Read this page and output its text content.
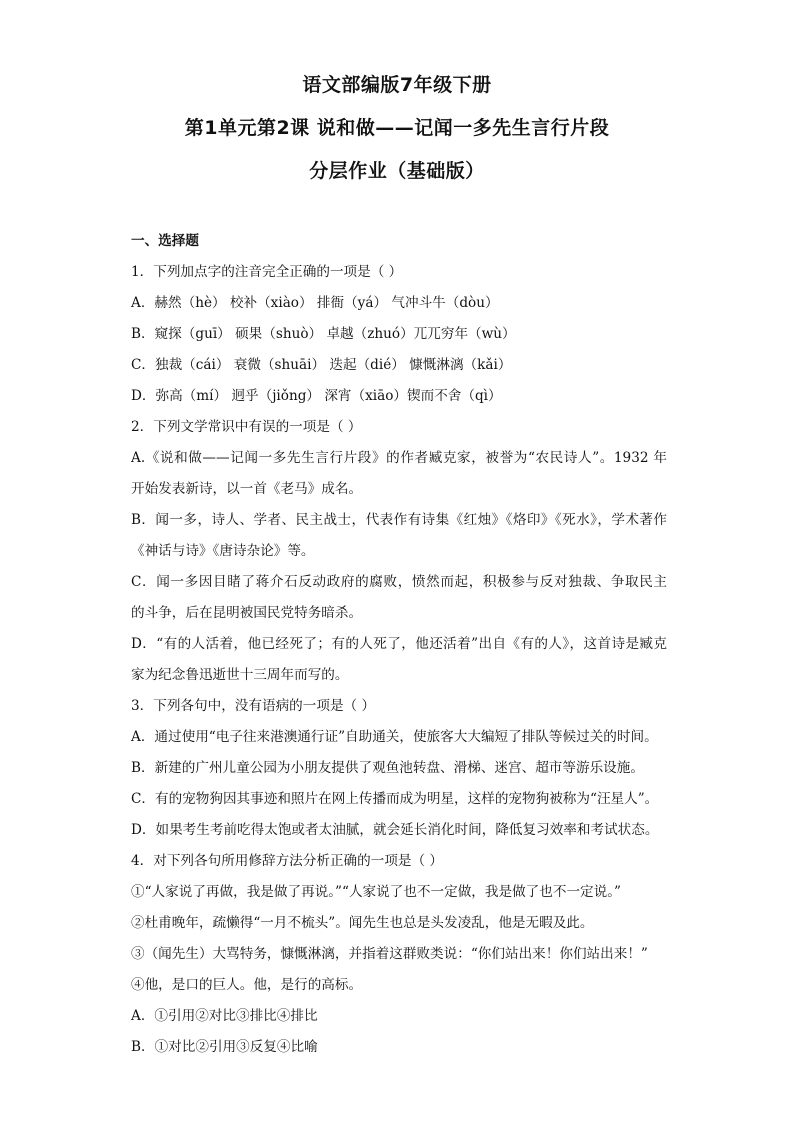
语文部编版7年级下册
第1单元第2课 说和做——记闻一多先生言行片段
分层作业（基础版）
一、选择题
1．下列加点字的注音完全正确的一项是（ ）
A．赫然（hè） 校补（xiào） 排衙（yá） 气冲斗牛（dòu）
B．窥探（guī） 硕果（shuò） 卓越（zhuó）兀兀穷年（wù）
C．独裁（cái） 衰微（shuāi） 迭起（dié） 慷慨淋漓（kǎi）
D．弥高（mí） 迥乎（jiǒng） 深宵（xiāo）锲而不舍（qì）
2．下列文学常识中有误的一项是（ ）
A.《说和做——记闻一多先生言行片段》的作者臧克家，被誉为“农民诗人”。1932 年
开始发表新诗，以一首《老马》成名。
B．闻一多，诗人、学者、民主战士，代表作有诗集《红烛》《烙印》《死水》，学术著作
《神话与诗》《唐诗杂论》等。
C．闻一多因目睹了蒋介石反动政府的腐败，愤然而起，积极参与反对独裁、争取民主
的斗争，后在昆明被国民党特务暗杀。
D．“有的人活着，他已经死了；有的人死了，他还活着”出自《有的人》，这首诗是臧克
家为纪念鲁迅逝世十三周年而写的。
3．下列各句中，没有语病的一项是（ ）
A．通过使用“电子往来港澳通行证”自助通关，使旅客大大编短了排队等候过关的时间。
B．新建的广州儿童公园为小朋友提供了观鱼池转盘、滑梯、迷宫、超市等游乐设施。
C．有的宠物狗因其事迹和照片在网上传播而成为明星，这样的宠物狗被称为“汪星人”。
D．如果考生考前吃得太饱或者太油腻，就会延长消化时间，降低复习效率和考试状态。
4．对下列各句所用修辞方法分析正确的一项是（ ）
①“人家说了再做，我是做了再说。”“人家说了也不一定做，我是做了也不一定说。”
②杜甫晚年，疏懒得“一月不梳头”。闻先生也总是头发凌乱，他是无暇及此。
③（闻先生）大骂特务，慷慨淋漓，并指着这群败类说：“你们站出来！你们站出来！”
④他，是口的巨人。他，是行的高标。
A．①引用②对比③排比④排比
B．①对比②引用③反复④比喻
